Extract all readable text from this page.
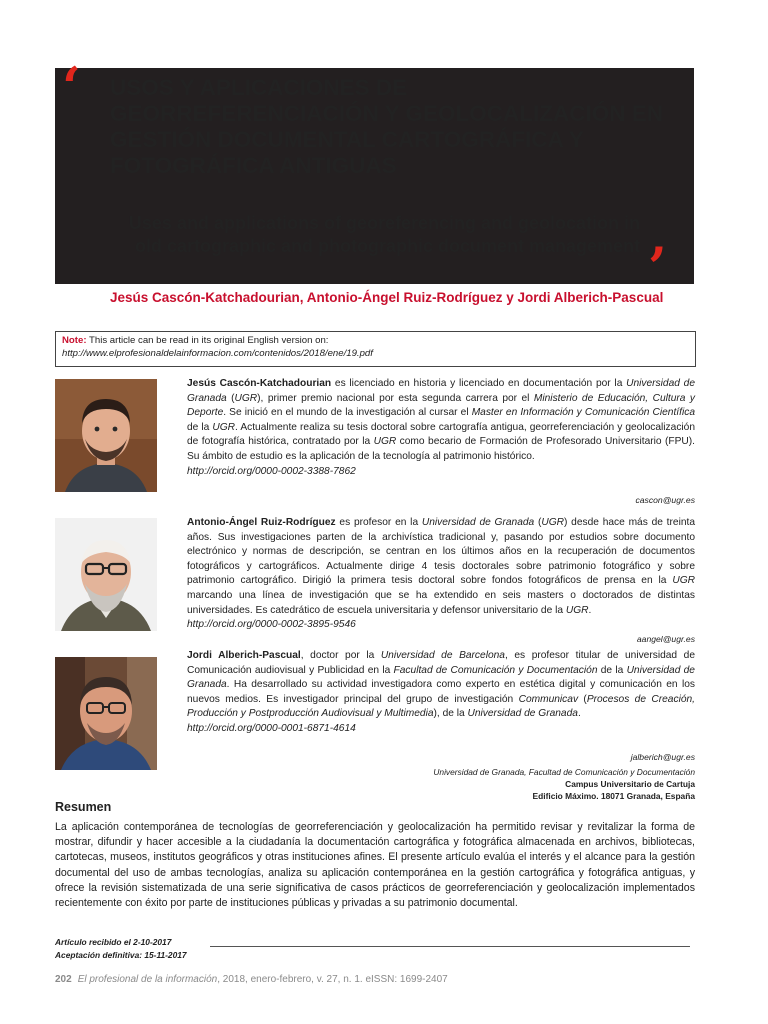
‘ USOS Y APLICACIONES DE GEORREFERENCIACIÓN Y GEOLOCALIZACIÓN EN GESTIÓN DOCUMENTAL CARTOGRÁFICA Y FOTOGRÁFICA ANTIGUAS
Uses and applications of georeferencing and geolocation in old cartographic and photographic document management ’
Jesús Cascón-Katchadourian, Antonio-Ángel Ruiz-Rodríguez y Jordi Alberich-Pascual
Note: This article can be read in its original English version on:
http://www.elprofesionaldelainformacion.com/contenidos/2018/ene/19.pdf
Jesús Cascón-Katchadourian es licenciado en historia y licenciado en documentación por la Universidad de Granada (UGR), primer premio nacional por esta segunda carrera por el Ministerio de Educación, Cultura y Deporte. Se inició en el mundo de la investigación al cursar el Master en Información y Comunicación Científica de la UGR. Actualmente realiza su tesis doctoral sobre cartografía antigua, georreferenciación y geolocalización de fotografía histórica, contratado por la UGR como becario de Formación de Profesorado Universitario (FPU). Su ámbito de estudio es la aplicación de la tecnología al patrimonio histórico.
http://orcid.org/0000-0002-3388-7862
cascon@ugr.es
Antonio-Ángel Ruiz-Rodríguez es profesor en la Universidad de Granada (UGR) desde hace más de treinta años. Sus investigaciones parten de la archivística tradicional y, pasando por estudios sobre documento electrónico y normas de descripción, se centran en los últimos años en la recuperación de documentos fotográficos y cartográficos. Actualmente dirige 4 tesis doctorales sobre patrimonio fotográfico y sobre patrimonio cartográfico. Dirigió la primera tesis doctoral sobre fondos fotográficos de prensa en la UGR marcando una línea de investigación que se ha extendido en seis masters o doctorados de distintas universidades. Es catedrático de escuela universitaria y defensor universitario de la UGR.
http://orcid.org/0000-0002-3895-9546
aangel@ugr.es
Jordi Alberich-Pascual, doctor por la Universidad de Barcelona, es profesor titular de universidad de Comunicación audiovisual y Publicidad en la Facultad de Comunicación y Documentación de la Universidad de Granada. Ha desarrollado su actividad investigadora como experto en estética digital y comunicación en los nuevos medios. Es investigador principal del grupo de investigación Communicav (Procesos de Creación, Producción y Postproducción Audiovisual y Multimedia), de la Universidad de Granada.
http://orcid.org/0000-0001-6871-4614
jalberich@ugr.es
Universidad de Granada, Facultad de Comunicación y Documentación
Campus Universitario de Cartuja
Edificio Máximo. 18071 Granada, España
Resumen
La aplicación contemporánea de tecnologías de georreferenciación y geolocalización ha permitido revisar y revitalizar la forma de mostrar, difundir y hacer accesible a la ciudadanía la documentación cartográfica y fotográfica almacenada en archivos, bibliotecas, cartotecas, museos, institutos geográficos y otras instituciones afines. El presente artículo evalúa el interés y el alcance para la gestión documental del uso de ambas tecnologías, analiza su aplicación contemporánea en la gestión cartográfica y fotográfica antiguas, y ofrece la revisión sistematizada de una serie significativa de casos prácticos de georreferenciación y geolocalización implementados recientemente con éxito por parte de instituciones públicas y privadas a su patrimonio documental.
Artículo recibido el 2-10-2017
Aceptación definitiva: 15-11-2017
202 El profesional de la información, 2018, enero-febrero, v. 27, n. 1. eISSN: 1699-2407
